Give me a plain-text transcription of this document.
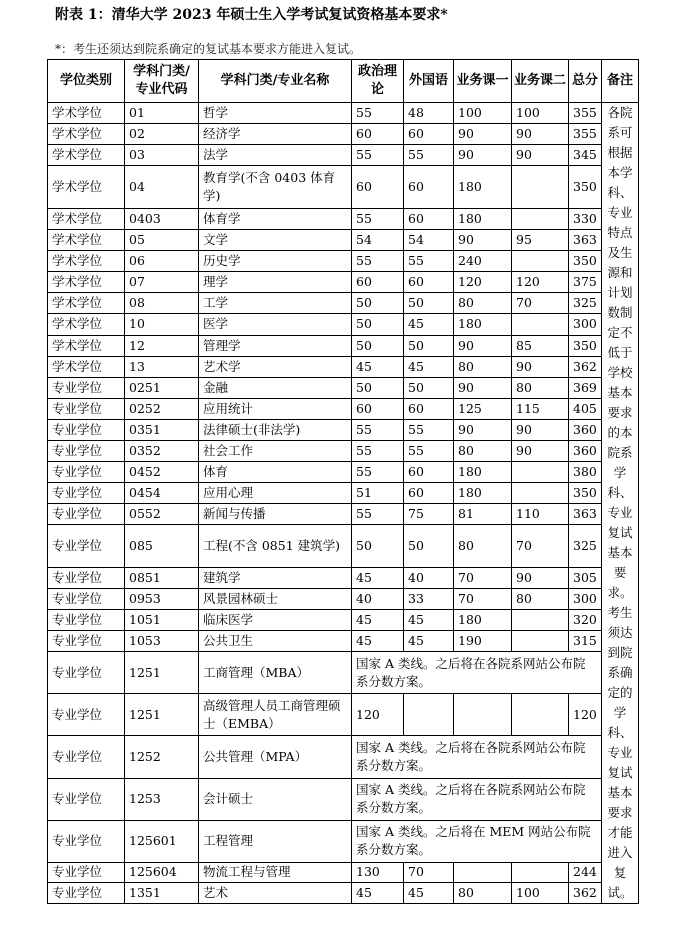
附表 1：清华大学 2023 年硕士生入学考试复试资格基本要求*
*：考生还须达到院系确定的复试基本要求方能进入复试。
学位类别	学科门类/专业代码	学科门类/专业名称	政治理论	外国语	业务课一	业务课二	总分	备注
学术学位	01	哲学	55	48	100	100	355	各院系可根据本学科、专业特点及生源和计划数制定不低于学校基本要求的本院系学科、专业复试基本要求。考生须达到院系确定的学科、专业复试基本要求才能进入复试。
学术学位	02	经济学	60	60	90	90	355	
学术学位	03	法学	55	55	90	90	345	
学术学位	04	教育学(不含 0403 体育学)	60	60	180		350	
学术学位	0403	体育学	55	60	180		330	
学术学位	05	文学	54	54	90	95	363	
学术学位	06	历史学	55	55	240		350	
学术学位	07	理学	60	60	120	120	375	
学术学位	08	工学	50	50	80	70	325	
学术学位	10	医学	50	45	180		300	
学术学位	12	管理学	50	50	90	85	350	
学术学位	13	艺术学	45	45	80	90	362	
专业学位	0251	金融	50	50	90	80	369	
专业学位	0252	应用统计	60	60	125	115	405	
专业学位	0351	法律硕士(非法学)	55	55	90	90	360	
专业学位	0352	社会工作	55	55	80	90	360	
专业学位	0452	体育	55	60	180		380	
专业学位	0454	应用心理	51	60	180		350	
专业学位	0552	新闻与传播	55	75	81	110	363	
专业学位	085	工程(不含 0851 建筑学)	50	50	80	70	325	
专业学位	0851	建筑学	45	40	70	90	305	
专业学位	0953	风景园林硕士	40	33	70	80	300	
专业学位	1051	临床医学	45	45	180		320	
专业学位	1053	公共卫生	45	45	190		315	
专业学位	1251	工商管理（MBA）	国家 A 类线。之后将在各院系网站公布院系分数方案。					
专业学位	1251	高级管理人员工商管理硕士（EMBA）	120				120	
专业学位	1252	公共管理（MPA）	国家 A 类线。之后将在各院系网站公布院系分数方案。					
专业学位	1253	会计硕士	国家 A 类线。之后将在各院系网站公布院系分数方案。					
专业学位	125601	工程管理	国家 A 类线。之后将在 MEM 网站公布院系分数方案。					
专业学位	125604	物流工程与管理	130	70			244	
专业学位	1351	艺术	45	45	80	100	362	
